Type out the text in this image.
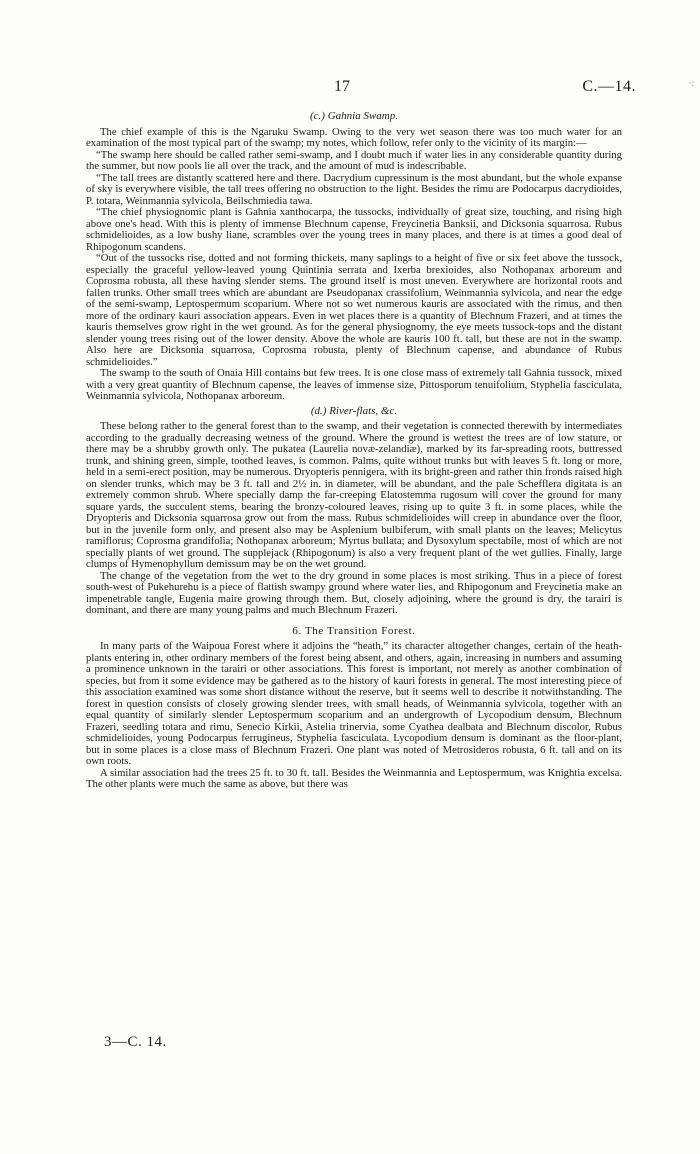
17	C.—14.	·:
(c.) Gahnia Swamp.

The chief example of this is the Ngaruku Swamp. Owing to the very wet season there was too much water for an examination of the most typical part of the swamp; my notes, which follow, refer only to the vicinity of its margin:—

“The swamp here should be called rather semi-swamp, and I doubt much if water lies in any considerable quantity during the summer, but now pools lie all over the track, and the amount of mud is indescribable.

“The tall trees are distantly scattered here and there. Dacrydium cupressinum is the most abundant, but the whole expanse of sky is everywhere visible, the tall trees offering no obstruction to the light. Besides the rimu are Podocarpus dacrydioides, P. totara, Weinmannia sylvicola, Beilschmiedia tawa.

“The chief physiognomic plant is Gahnia xanthocarpa, the tussocks, individually of great size, touching, and rising high above one's head. With this is plenty of immense Blechnum capense, Freycinetia Banksii, and Dicksonia squarrosa. Rubus schmidelioides, as a low bushy liane, scrambles over the young trees in many places, and there is at times a good deal of Rhipogonum scandens.

“Out of the tussocks rise, dotted and not forming thickets, many saplings to a height of five or six feet above the tussock, especially the graceful yellow-leaved young Quintinia serrata and Ixerba brexioides, also Nothopanax arboreum and Coprosma robusta, all these having slender stems. The ground itself is most uneven. Everywhere are horizontal roots and fallen trunks. Other small trees which are abundant are Pseudopanax crassifolium, Weinmannia sylvicola, and near the edge of the semi-swamp, Leptospermum scoparium. Where not so wet numerous kauris are associated with the rimus, and then more of the ordinary kauri association appears. Even in wet places there is a quantity of Blechnum Frazeri, and at times the kauris themselves grow right in the wet ground. As for the general physiognomy, the eye meets tussock-tops and the distant slender young trees rising out of the lower density. Above the whole are kauris 100 ft. tall, but these are not in the swamp. Also here are Dicksonia squarrosa, Coprosma robusta, plenty of Blechnum capense, and abundance of Rubus schmidelioides.”

The swamp to the south of Onaia Hill contains but few trees. It is one close mass of extremely tall Gahnia tussock, mixed with a very great quantity of Blechnum capense, the leaves of immense size, Pittosporum tenuifolium, Styphelia fasciculata, Weinmannia sylvicola, Nothopanax arboreum.

(d.) River-flats, &c.

These belong rather to the general forest than to the swamp, and their vegetation is connected therewith by intermediates according to the gradually decreasing wetness of the ground. Where the ground is wettest the trees are of low stature, or there may be a shrubby growth only. The pukatea (Laurelia novæ-zelandiæ), marked by its far-spreading roots, buttressed trunk, and shining green, simple, toothed leaves, is common. Palms, quite without trunks but with leaves 5 ft. long or more, held in a semi-erect position, may be numerous. Dryopteris pennigera, with its bright-green and rather thin fronds raised high on slender trunks, which may be 3 ft. tall and 2½ in. in diameter, will be abundant, and the pale Schefflera digitata is an extremely common shrub. Where specially damp the far-creeping Elatostemma rugosum will cover the ground for many square yards, the succulent stems, bearing the bronzy-coloured leaves, rising up to quite 3 ft. in some places, while the Dryopteris and Dicksonia squarrosa grow out from the mass. Rubus schmidelioides will creep in abundance over the floor, but in the juvenile form only, and present also may be Asplenium bulbiferum, with small plants on the leaves; Melicytus ramiflorus; Coprosma grandifolia; Nothopanax arboreum; Myrtus bullata; and Dysoxylum spectabile, most of which are not specially plants of wet ground. The supplejack (Rhipogonum) is also a very frequent plant of the wet gullies. Finally, large clumps of Hymenophyllum demissum may be on the wet ground.

The change of the vegetation from the wet to the dry ground in some places is most striking. Thus in a piece of forest south-west of Pukehurehu is a piece of flattish swampy ground where water lies, and Rhipogonum and Freycinetia make an impenetrable tangle, Eugenia maire growing through them. But, closely adjoining, where the ground is dry, the tarairi is dominant, and there are many young palms and much Blechnum Frazeri.

6. The Transition Forest.

In many parts of the Waipoua Forest where it adjoins the “heath,” its character altogether changes, certain of the heath-plants entering in, other ordinary members of the forest being absent, and others, again, increasing in numbers and assuming a prominence unknown in the tarairi or other associations. This forest is important, not merely as another combination of species, but from it some evidence may be gathered as to the history of kauri forests in general. The most interesting piece of this association examined was some short distance without the reserve, but it seems well to describe it notwithstanding. The forest in question consists of closely growing slender trees, with small heads, of Weinmannia sylvicola, together with an equal quantity of similarly slender Leptospermum scoparium and an undergrowth of Lycopodium densum, Blechnum Frazeri, seedling totara and rimu, Senecio Kirkii, Astelia trinervia, some Cyathea dealbata and Blechnum discolor, Rubus schmidelioides, young Podocarpus ferrugineus, Styphelia fasciculata. Lycopodium densum is dominant as the floor-plant, but in some places is a close mass of Blechnum Frazeri. One plant was noted of Metrosideros robusta, 6 ft. tall and on its own roots.

A similar association had the trees 25 ft. to 30 ft. tall. Besides the Weinmannia and Leptospermum, was Knightia excelsa. The other plants were much the same as above, but there was

3—C. 14.
